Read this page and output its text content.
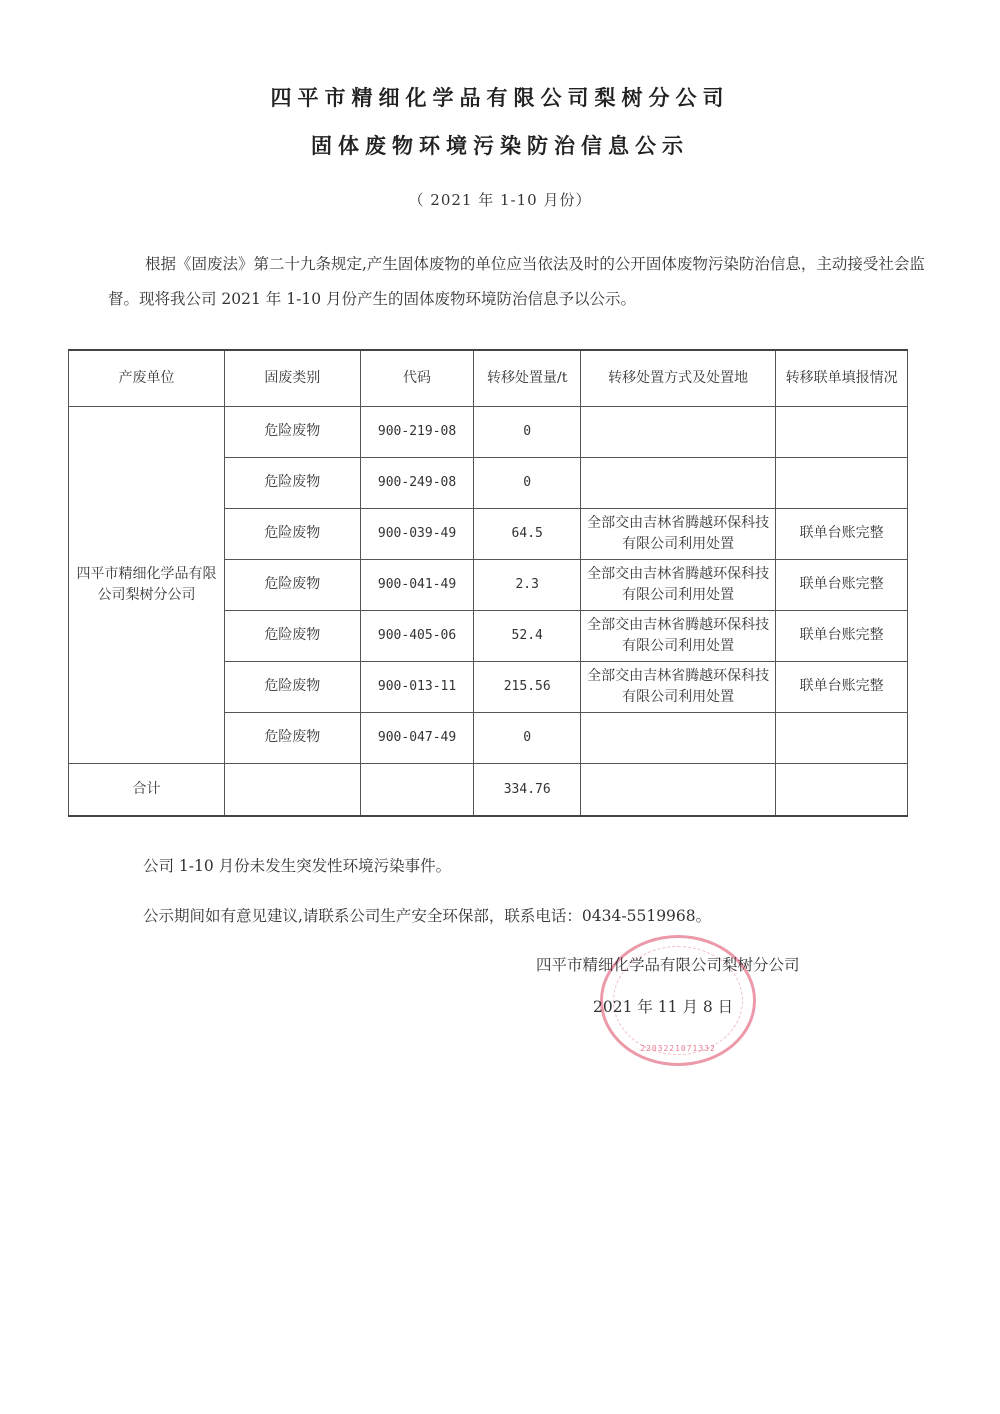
四平市精细化学品有限公司梨树分公司
固体废物环境污染防治信息公示
（ 2021 年 1-10 月份）
根据《固废法》第二十九条规定,产生固体废物的单位应当依法及时的公开固体废物污染防治信息，主动接受社会监督。现将我公司 2021 年 1-10 月份产生的固体废物环境防治信息予以公示。
产废单位	固废类别	代码	转移处置量/t	转移处置方式及处置地	转移联单填报情况
四平市精细化学品有限公司梨树分公司	危险废物	900-219-08	0		
	危险废物	900-249-08	0		
	危险废物	900-039-49	64.5	全部交由吉林省腾越环保科技有限公司利用处置	联单台账完整
	危险废物	900-041-49	2.3	全部交由吉林省腾越环保科技有限公司利用处置	联单台账完整
	危险废物	900-405-06	52.4	全部交由吉林省腾越环保科技有限公司利用处置	联单台账完整
	危险废物	900-013-11	215.56	全部交由吉林省腾越环保科技有限公司利用处置	联单台账完整
	危险废物	900-047-49	0		
合计			334.76		
公司 1-10 月份未发生突发性环境污染事件。
公示期间如有意见建议,请联系公司生产安全环保部，联系电话：0434-5519968。
2203221071332
四平市精细化学品有限公司梨树分公司
2021 年 11 月 8 日
